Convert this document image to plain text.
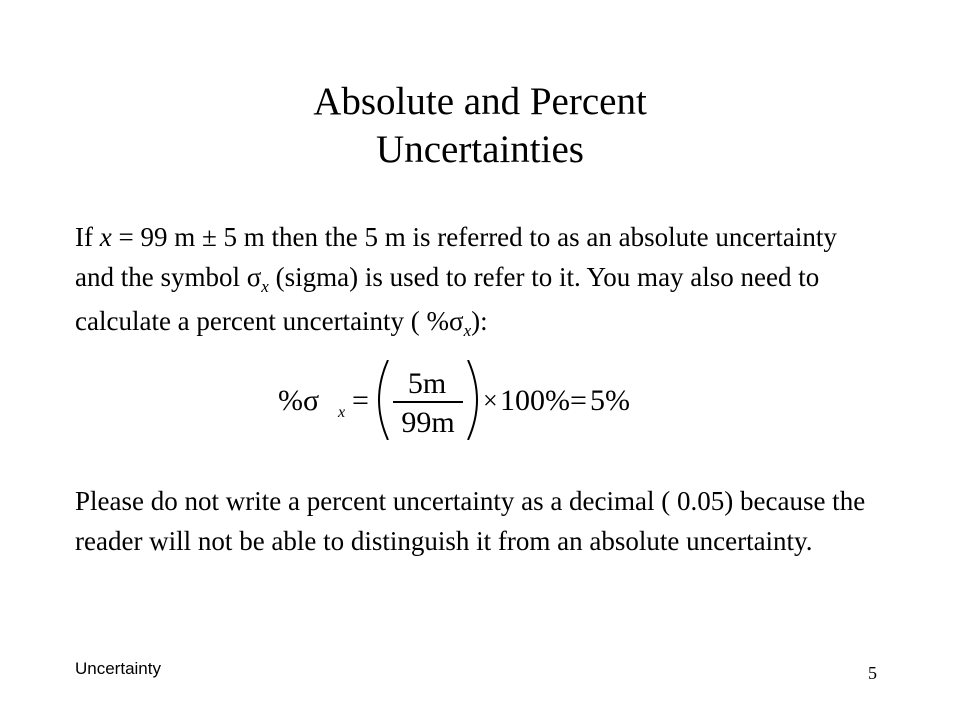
Absolute and Percent
Uncertainties

If x = 99 m ± 5 m then the 5 m is referred to as an absolute uncertainty and the symbol $\sigma_x$ (sigma) is used to refer to it. You may also need to calculate a percent uncertainty ( $\%\sigma_x$):

%σ x =
5m
99m
× 100% = 5%

Please do not write a percent uncertainty as a decimal ( 0.05) because the reader will not be able to distinguish it from an absolute uncertainty.

Uncertainty	5
